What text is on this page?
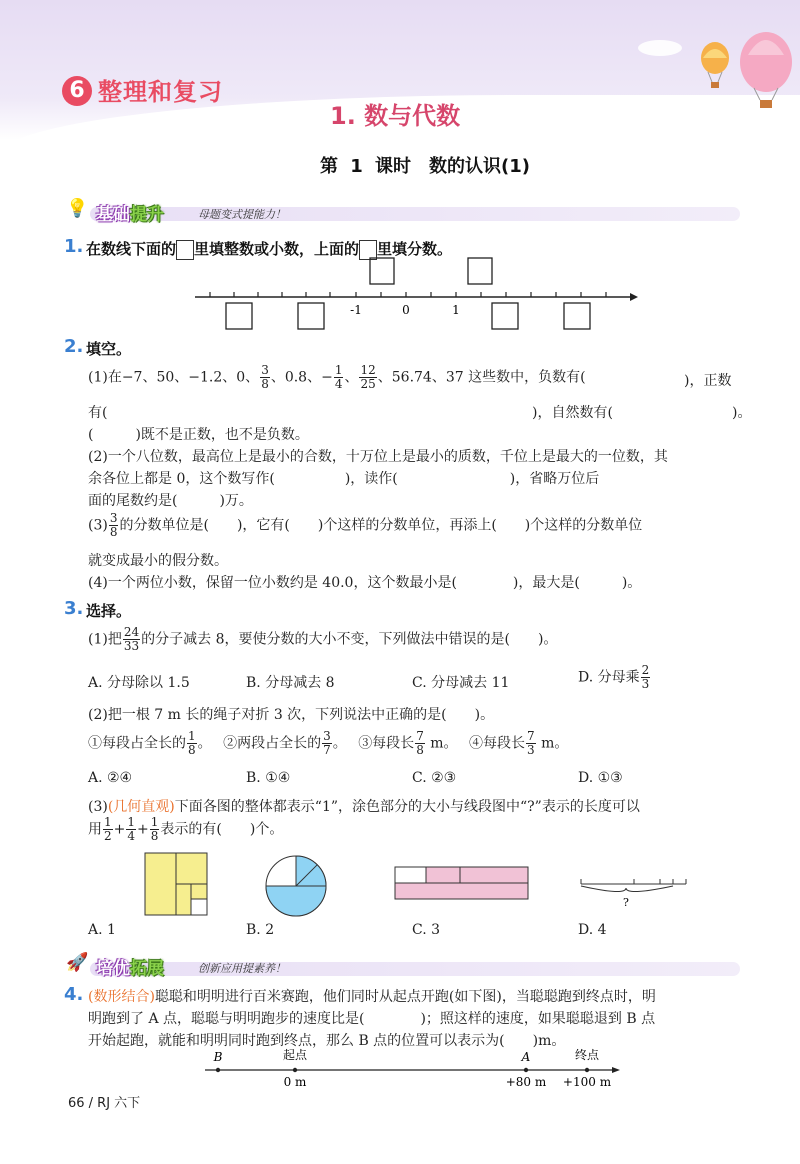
6 整理和复习
1. 数与代数
第 1 课时　数的认识(1)
💡 基础提升	母题变式提能力！
1. 在数线下面的 里填整数或小数，上面的 里填分数。
-1	0	1
2. 填空。
(1)在−7、50、−1.2、0、 $\frac{3}{8}$ 、0.8、− $\frac{1}{4}$ 、 $\frac{12}{25}$ 、56.74、37 这些数中，负数有(	)，正数
有(	)，自然数有(	)。
(　　　)既不是正数，也不是负数。
(2)一个八位数，最高位上是最小的合数，十万位上是最小的质数，千位上是最大的一位数，其
余各位上都是 0，这个数写作(　　　　　)，读作(　　　　　　　　)，省略万位后
面的尾数约是(　　　)万。
$(3) \frac{3}{8}$ 的分数单位是(　　)，它有(　　)个这样的分数单位，再添上(　　)个这样的分数单位
就变成最小的假分数。
(4)一个两位小数，保留一位小数约是 40.0，这个数最小是(　　　　)，最大是(　　　)。
3. 选择。
(1)把 $\frac{24}{33}$ 的分子减去 8，要使分数的大小不变，下列做法中错误的是(　　)。
A. 分母除以 1.5	B. 分母减去 8	C. 分母减去 11	D. 分母乘 $\frac{2}{3}$
(2)把一根 7 m 长的绳子对折 3 次，下列说法中正确的是(　　)。
①每段占全长的 $\frac{1}{8}$ 。　 ②两段占全长的 $\frac{3}{7}$ 。　 ③每段长 $\frac{7}{8}$ m。　 ④每段长 $\frac{7}{3}$ m。
A. ②④	B. ①④	C. ②③	D. ①③
(3)(几何直观)下面各图的整体都表示“1”，涂色部分的大小与线段图中“?”表示的长度可以
用 $\frac{1}{2} + \frac{1}{4} + \frac{1}{8}$ 表示的有(　　)个。
?
A. 1	B. 2	C. 3	D. 4
🚀 培优拓展	创新应用提素养！
4. (数形结合)聪聪和明明进行百米赛跑，他们同时从起点开跑(如下图)，当聪聪跑到终点时，明
明跑到了 A 点，聪聪与明明跑步的速度比是(　　　　)；照这样的速度，如果聪聪退到 B 点
开始起跑，就能和明明同时跑到终点，那么 B 点的位置可以表示为(　　)m。
B	起点	A	终点
0 m	+80 m +100 m
66 / RJ 六下
